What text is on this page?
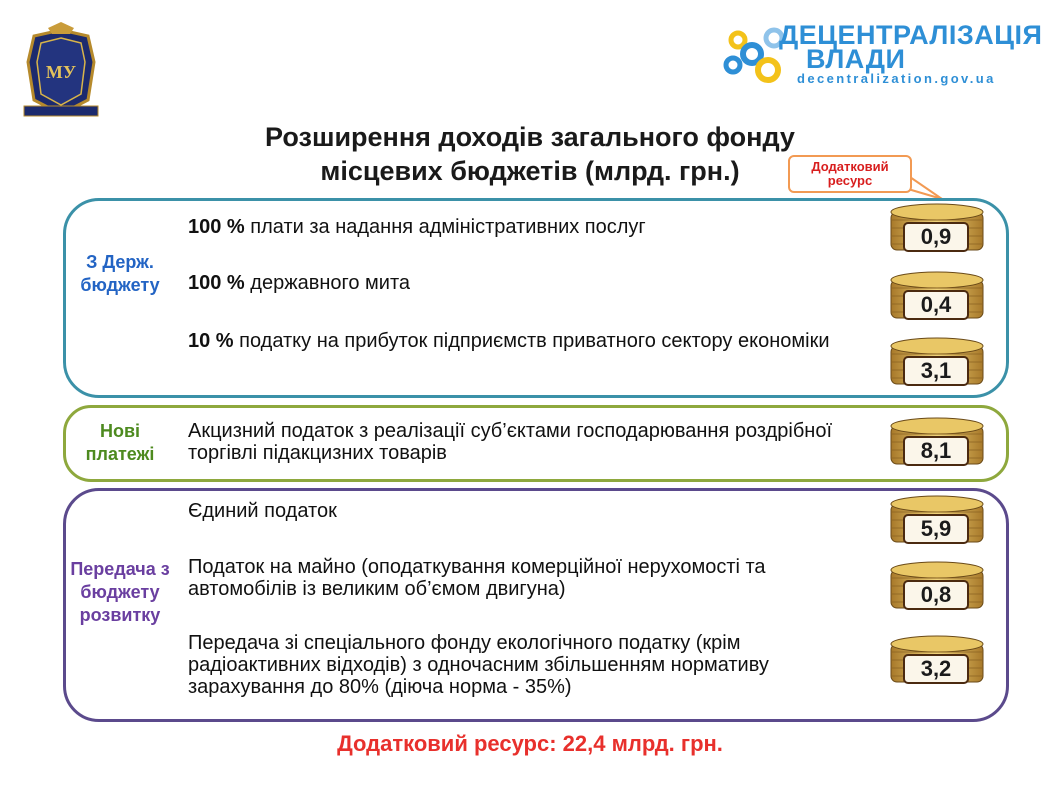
МУ
ДЕЦЕНТРАЛІЗАЦІЯ
ВЛАДИ
decentralization.gov.ua
Розширення доходів загального фонду
місцевих бюджетів (млрд. грн.)	Додатковий ресурс
З Держ. бюджету
100 % плати за надання адміністративних послуг
100 % державного мита
10 % податку на прибуток підприємств приватного сектору економіки
0,9
0,4
3,1
Нові платежі
Акцизний податок з реалізації суб’єктами господарювання роздрібної торгівлі підакцизних товарів	8,1
Передача з бюджету розвитку
Єдиний податок
Податок на майно (оподаткування комерційної нерухомості та автомобілів із великим об’ємом двигуна)
Передача зі спеціального фонду екологічного податку (крім радіоактивних відходів) з одночасним збільшенням нормативу зарахування до 80% (діюча норма - 35%)
5,9
0,8
3,2
Додатковий ресурс: 22,4 млрд. грн.
